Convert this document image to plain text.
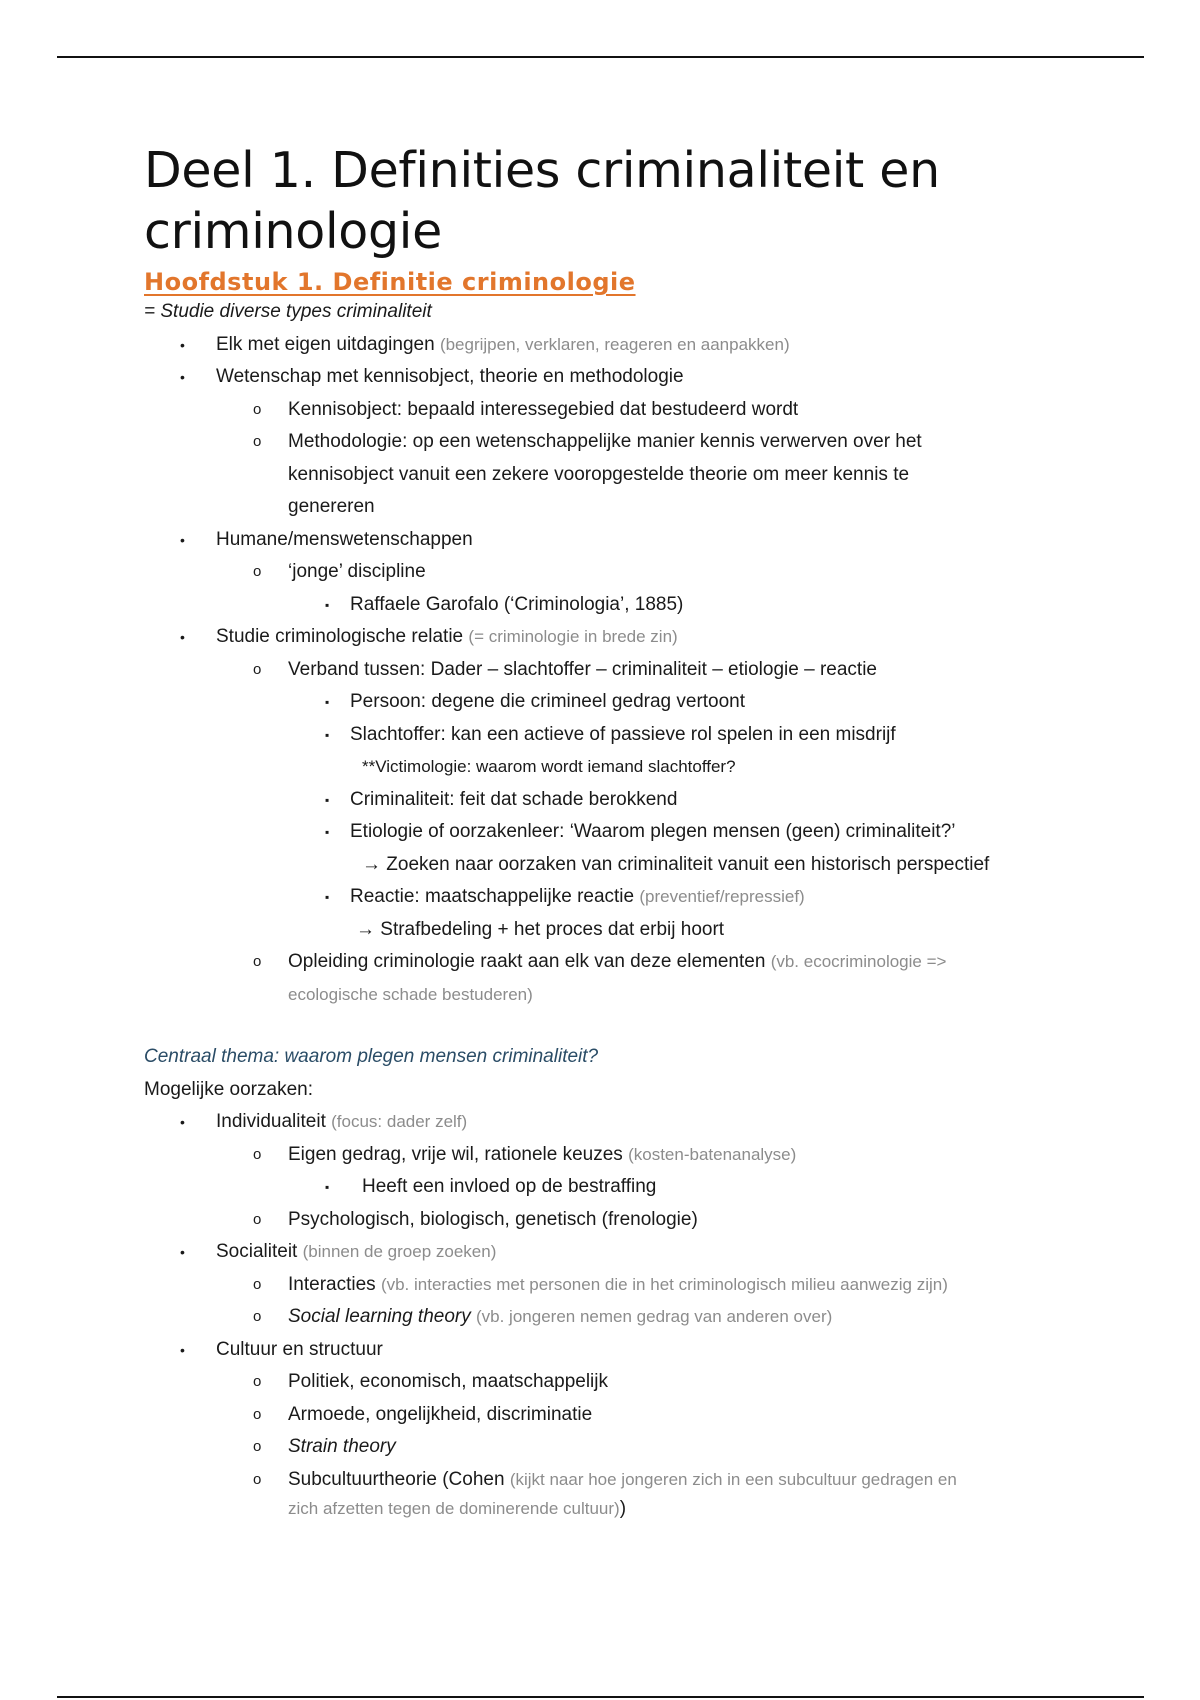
Deel 1. Definities criminaliteit en criminologie
Hoofdstuk 1. Definitie criminologie
= Studie diverse types criminaliteit
• Elk met eigen uitdagingen (begrijpen, verklaren, reageren en aanpakken)
• Wetenschap met kennisobject, theorie en methodologie
o Kennisobject: bepaald interessegebied dat bestudeerd wordt
o Methodologie: op een wetenschappelijke manier kennis verwerven over het
kennisobject vanuit een zekere vooropgestelde theorie om meer kennis te
genereren
• Humane/menswetenschappen
o ‘jonge’ discipline
▪ Raffaele Garofalo (‘Criminologia’, 1885)
• Studie criminologische relatie (= criminologie in brede zin)
o Verband tussen: Dader – slachtoffer – criminaliteit – etiologie – reactie
▪ Persoon: degene die crimineel gedrag vertoont
▪ Slachtoffer: kan een actieve of passieve rol spelen in een misdrijf
**Victimologie: waarom wordt iemand slachtoffer?
▪ Criminaliteit: feit dat schade berokkend
▪ Etiologie of oorzakenleer: ‘Waarom plegen mensen (geen) criminaliteit?’
→ Zoeken naar oorzaken van criminaliteit vanuit een historisch perspectief
▪ Reactie: maatschappelijke reactie (preventief/repressief)
→ Strafbedeling + het proces dat erbij hoort
o Opleiding criminologie raakt aan elk van deze elementen (vb. ecocriminologie =>
ecologische schade bestuderen)
Centraal thema: waarom plegen mensen criminaliteit?
Mogelijke oorzaken:
• Individualiteit (focus: dader zelf)
o Eigen gedrag, vrije wil, rationele keuzes (kosten-batenanalyse)
▪ Heeft een invloed op de bestraffing
o Psychologisch, biologisch, genetisch (frenologie)
• Socialiteit (binnen de groep zoeken)
o Interacties (vb. interacties met personen die in het criminologisch milieu aanwezig zijn)
o Social learning theory (vb. jongeren nemen gedrag van anderen over)
• Cultuur en structuur
o Politiek, economisch, maatschappelijk
o Armoede, ongelijkheid, discriminatie
o Strain theory
o Subcultuurtheorie (Cohen (kijkt naar hoe jongeren zich in een subcultuur gedragen en
zich afzetten tegen de dominerende cultuur))
